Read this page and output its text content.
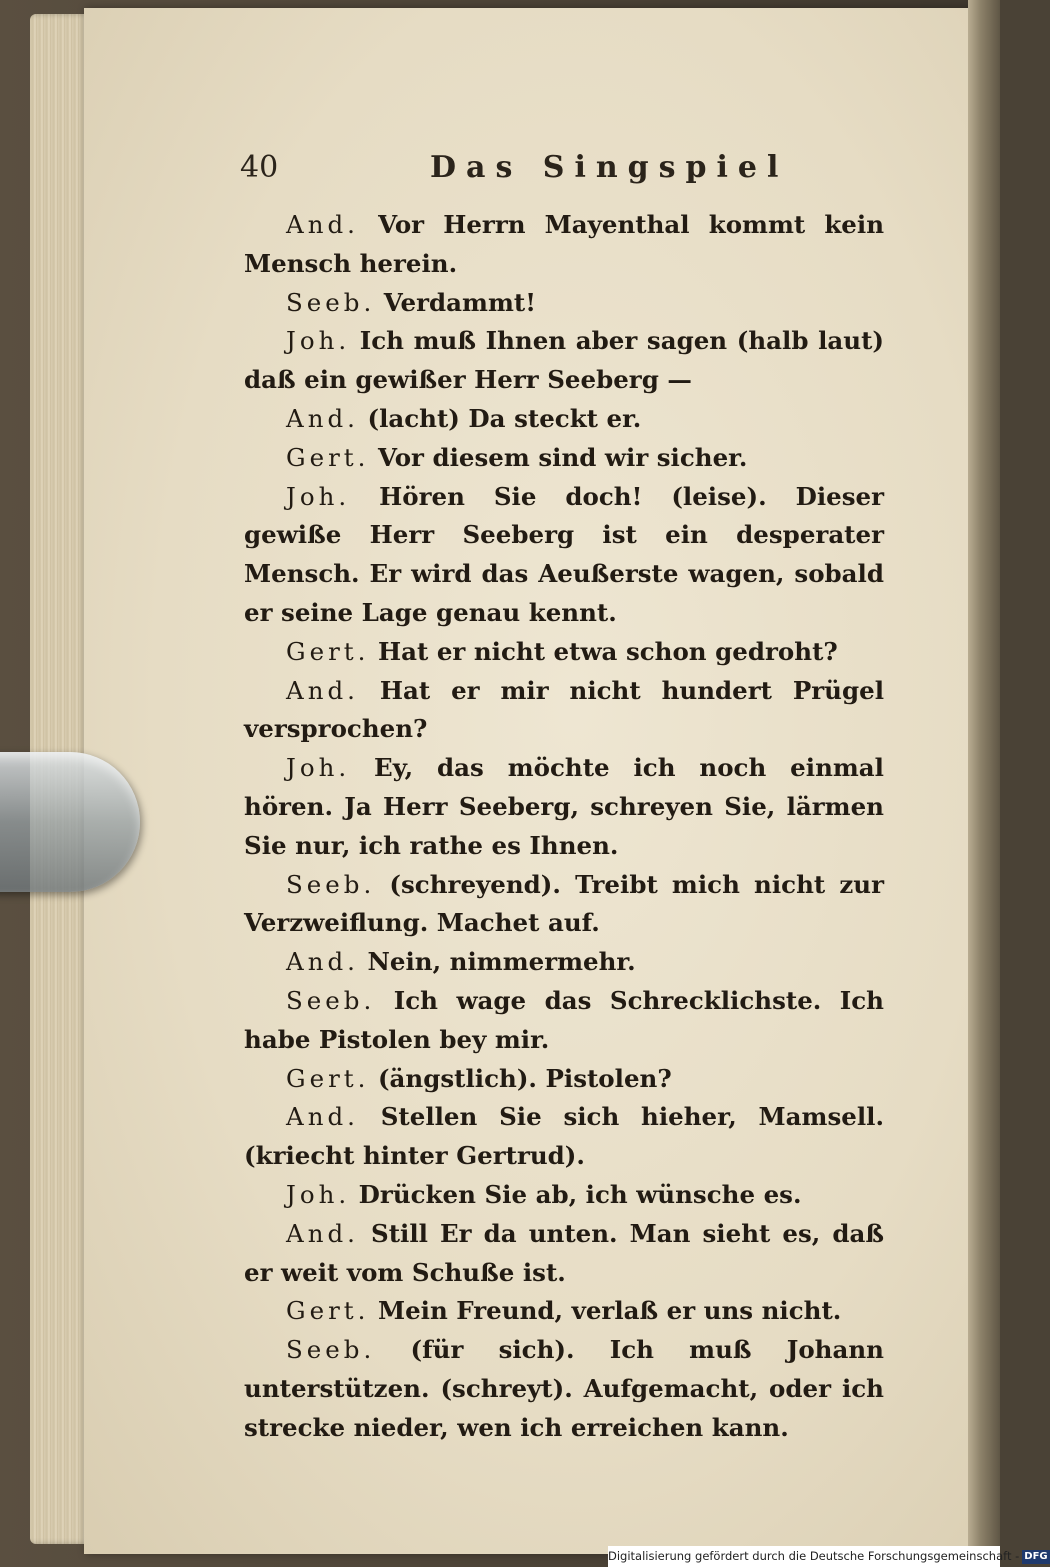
40	Das Singspiel

And. Vor Herrn Mayenthal kommt kein Mensch herein.

Seeb. Verdammt!

Joh. Ich muß Ihnen aber sagen (halb laut) daß ein gewißer Herr Seeberg —

And. (lacht) Da steckt er.

Gert. Vor diesem sind wir sicher.

Joh. Hören Sie doch! (leise). Dieser gewiße Herr Seeberg ist ein desperater Mensch. Er wird das Aeußerste wagen, sobald er seine Lage genau kennt.

Gert. Hat er nicht etwa schon gedroht?

And. Hat er mir nicht hundert Prügel versprochen?

Joh. Ey, das möchte ich noch einmal hören. Ja Herr Seeberg, schreyen Sie, lärmen Sie nur, ich rathe es Ihnen.

Seeb. (schreyend). Treibt mich nicht zur Verzweiflung. Machet auf.

And. Nein, nimmermehr.

Seeb. Ich wage das Schrecklichste. Ich habe Pistolen bey mir.

Gert. (ängstlich). Pistolen?

And. Stellen Sie sich hieher, Mamsell. (kriecht hinter Gertrud).

Joh. Drücken Sie ab, ich wünsche es.

And. Still Er da unten. Man sieht es, daß er weit vom Schuße ist.

Gert. Mein Freund, verlaß er uns nicht.

Seeb. (für sich). Ich muß Johann unterstützen. (schreyt). Aufgemacht, oder ich strecke nieder, wen ich erreichen kann.

Digitalisierung gefördert durch die Deutsche Forschungsgemeinschaft - DFG
